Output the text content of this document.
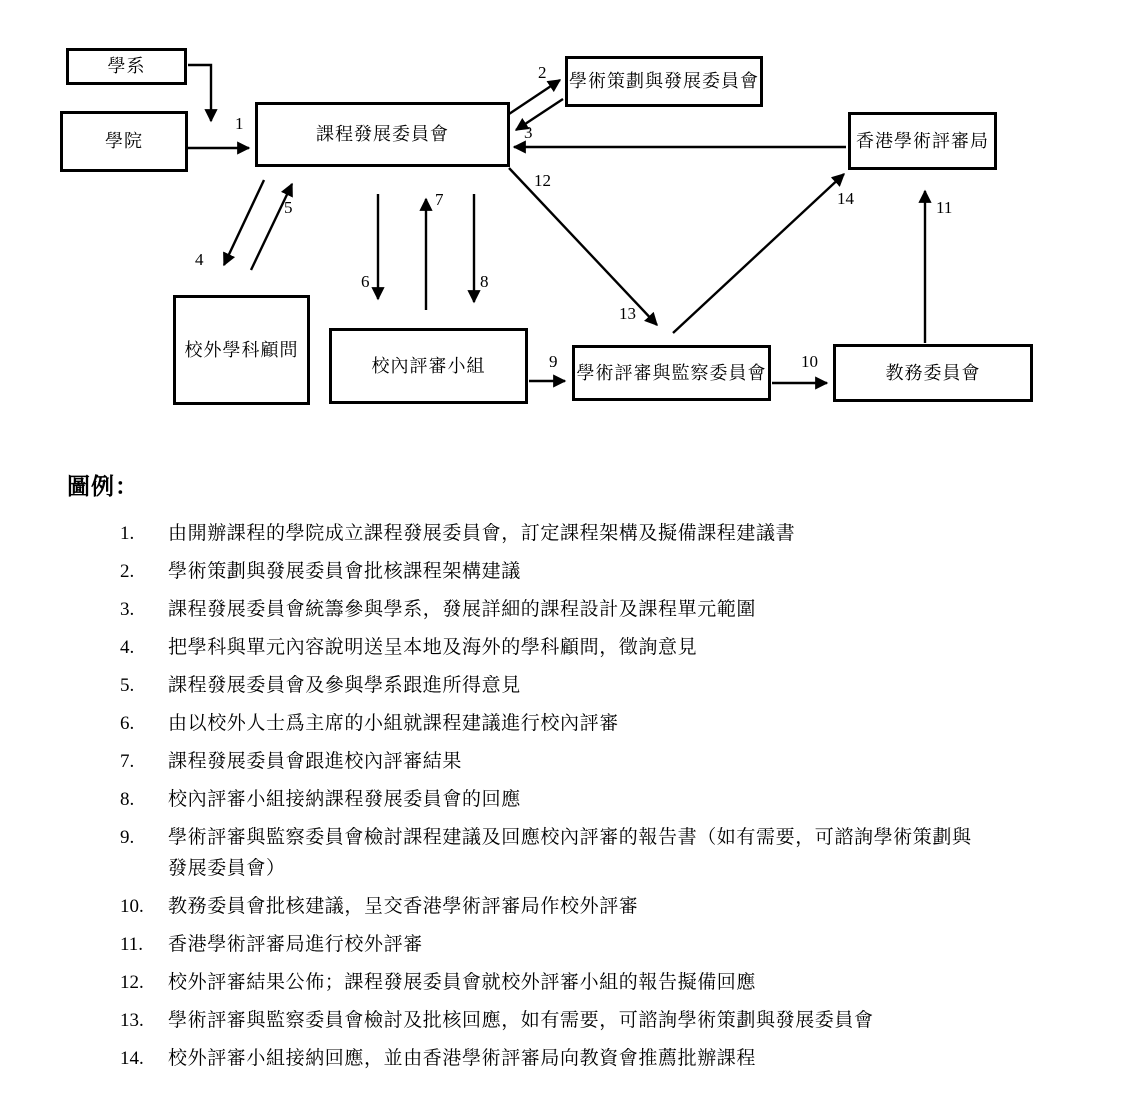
學系
學院	課程發展委員會
學術策劃與發展委員會
香港學術評審局
校外學科顧問
校內評審小組	學術評審與監察委員會	教務委員會
1
2
3
4
5
6
7
8
9	10
11
12
13
14
圖例：
1.	由開辦課程的學院成立課程發展委員會，訂定課程架構及擬備課程建議書
2.	學術策劃與發展委員會批核課程架構建議
3.	課程發展委員會統籌參與學系，發展詳細的課程設計及課程單元範圍
4.	把學科與單元內容說明送呈本地及海外的學科顧問，徵詢意見
5.	課程發展委員會及參與學系跟進所得意見
6.	由以校外人士爲主席的小組就課程建議進行校內評審
7.	課程發展委員會跟進校內評審結果
8.	校內評審小組接納課程發展委員會的回應
9.	學術評審與監察委員會檢討課程建議及回應校內評審的報告書（如有需要，可諮詢學術策劃與
發展委員會）
10.	教務委員會批核建議，呈交香港學術評審局作校外評審
11.	香港學術評審局進行校外評審
12.	校外評審結果公佈；課程發展委員會就校外評審小組的報告擬備回應
13.	學術評審與監察委員會檢討及批核回應，如有需要，可諮詢學術策劃與發展委員會
14.	校外評審小組接納回應，並由香港學術評審局向教資會推薦批辦課程
